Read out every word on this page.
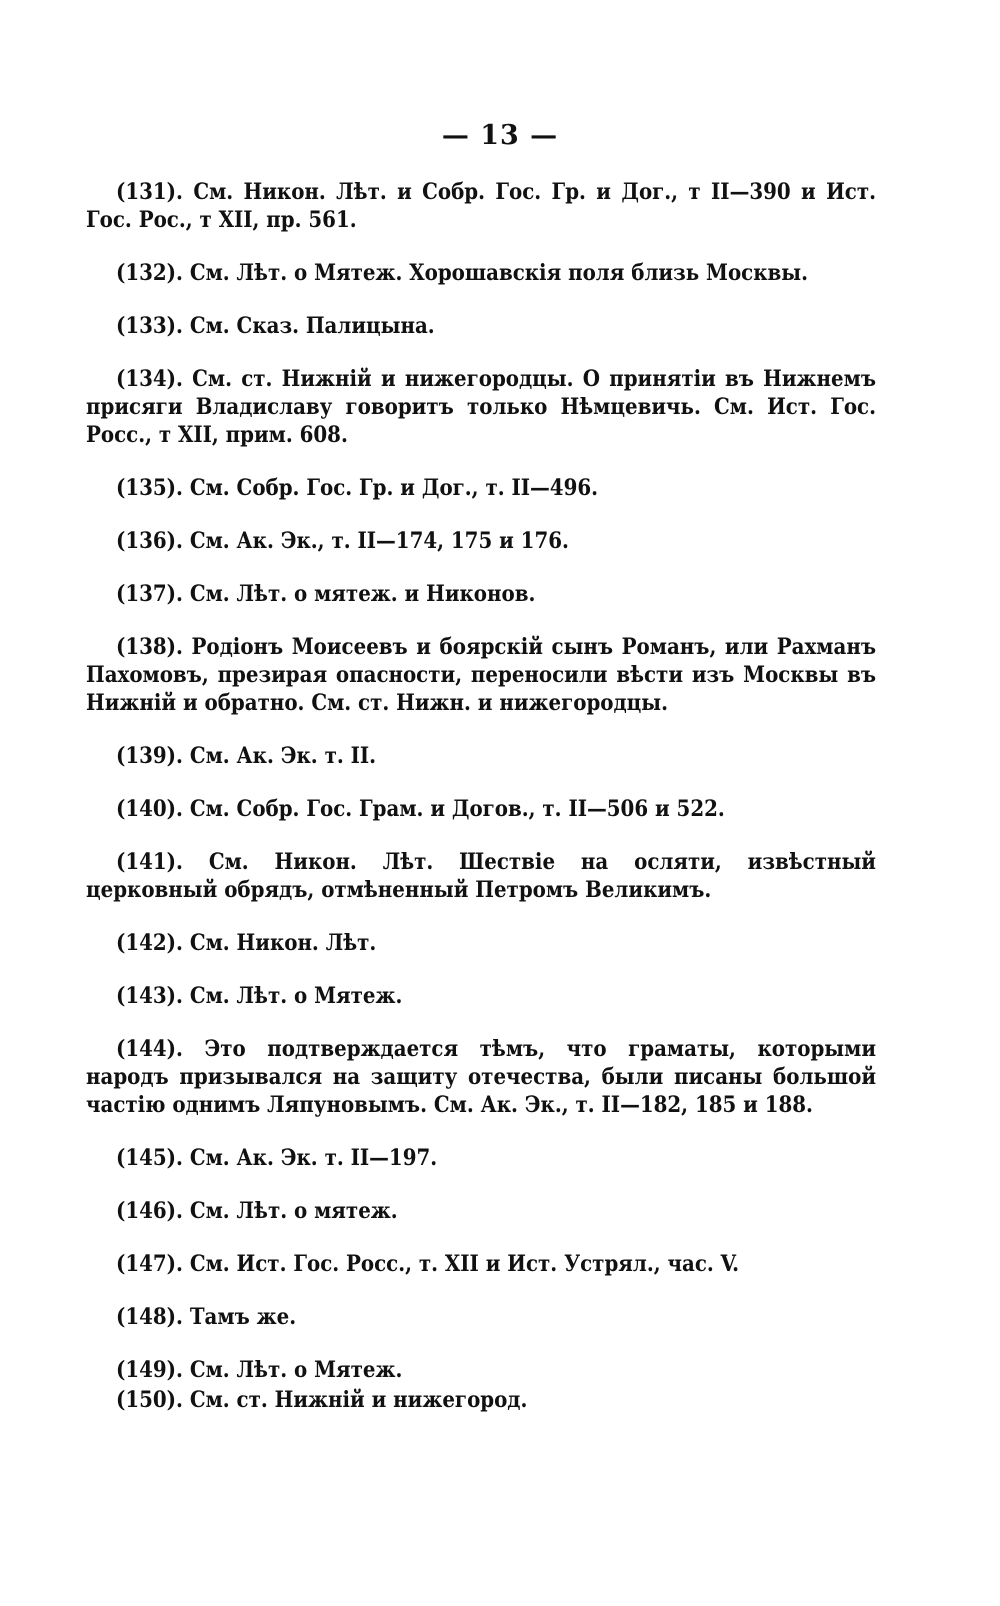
— 13 —

(131). См. Никон. Лѣт. и Собр. Гос. Гр. и Дог., т II—390 и Ист. Гос. Рос., т XII, пр. 561.

(132). См. Лѣт. о Мятеж. Хорошавскія поля близь Москвы.

(133). См. Сказ. Палицына.

(134). См. ст. Нижній и нижегородцы. О принятіи въ Нижнемъ присяги Владиславу говоритъ только Нѣмцевичь. См. Ист. Гос. Росс., т XII, прим. 608.

(135). См. Собр. Гос. Гр. и Дог., т. II—496.

(136). См. Ак. Эк., т. II—174, 175 и 176.

(137). См. Лѣт. о мятеж. и Никонов.

(138). Родіонъ Моисеевъ и боярскій сынъ Романъ, или Рахманъ Пахомовъ, презирая опасности, переносили вѣсти изъ Москвы въ Нижній и обратно. См. ст. Нижн. и нижегородцы.

(139). См. Ак. Эк. т. II.

(140). См. Собр. Гос. Грам. и Догов., т. II—506 и 522.

(141). См. Никон. Лѣт. Шествіе на осляти, извѣстный церковный обрядъ, отмѣненный Петромъ Великимъ.

(142). См. Никон. Лѣт.

(143). См. Лѣт. о Мятеж.

(144). Это подтверждается тѣмъ, что граматы, которыми народъ призывался на защиту отечества, были писаны большой частію однимъ Ляпуновымъ. См. Ак. Эк., т. II—182, 185 и 188.

(145). См. Ак. Эк. т. II—197.

(146). См. Лѣт. о мятеж.

(147). См. Ист. Гос. Росс., т. XII и Ист. Устрял., час. V.

(148). Тамъ же.

(149). См. Лѣт. о Мятеж.

(150). См. ст. Нижній и нижегород.
